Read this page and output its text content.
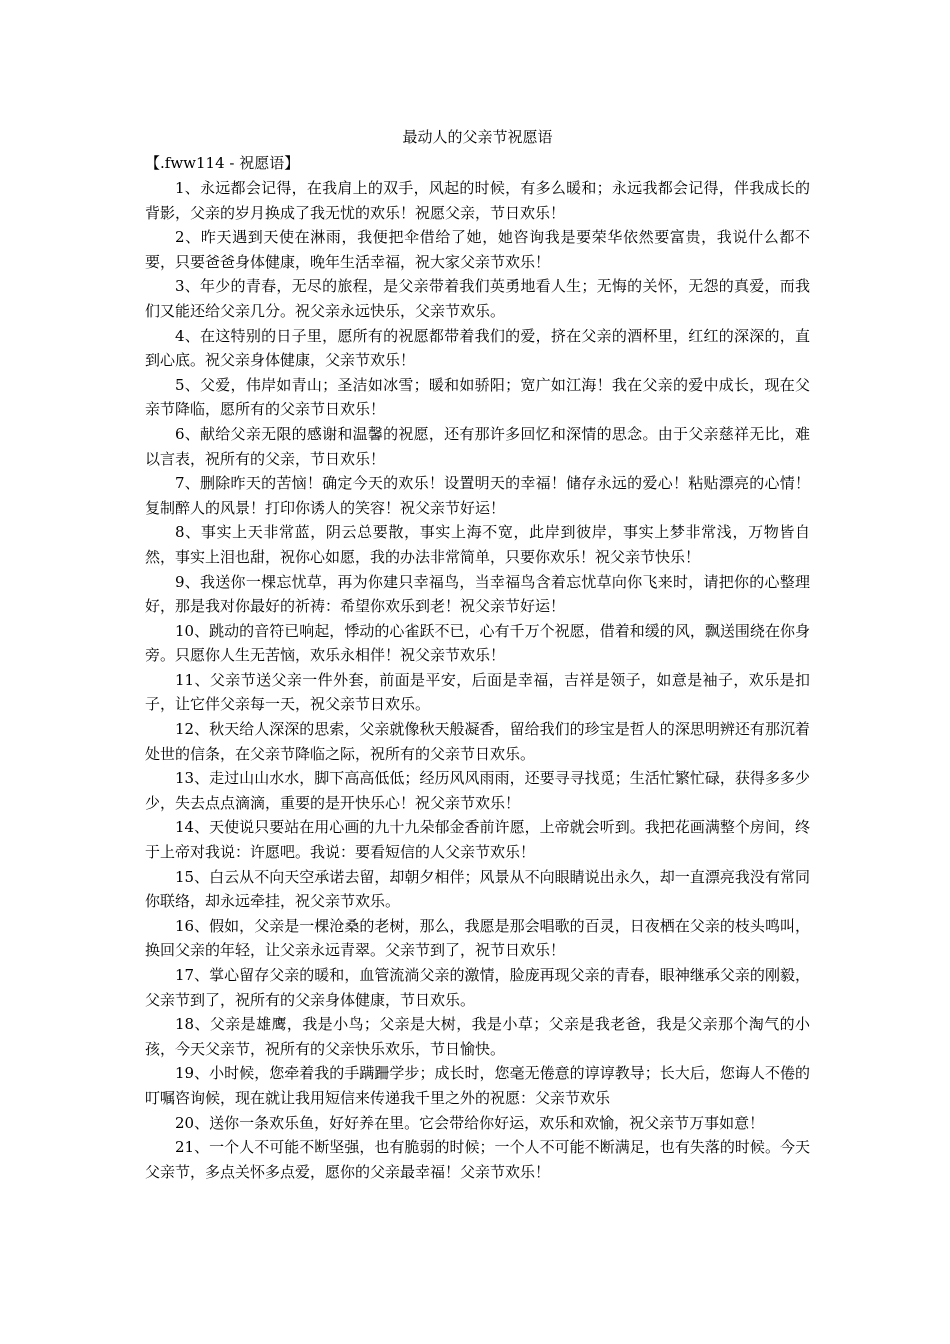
最动人的父亲节祝愿语

【.fww114 - 祝愿语】

1、永远都会记得，在我肩上的双手，风起的时候，有多么暖和；永远我都会记得，伴我成长的背影，父亲的岁月换成了我无忧的欢乐！祝愿父亲，节日欢乐！

2、昨天遇到天使在淋雨，我便把伞借给了她，她咨询我是要荣华依然要富贵，我说什么都不要，只要爸爸身体健康，晚年生活幸福，祝大家父亲节欢乐！

3、年少的青春，无尽的旅程，是父亲带着我们英勇地看人生；无悔的关怀，无怨的真爱，而我们又能还给父亲几分。祝父亲永远快乐，父亲节欢乐。

4、在这特别的日子里，愿所有的祝愿都带着我们的爱，挤在父亲的酒杯里，红红的深深的，直到心底。祝父亲身体健康，父亲节欢乐！

5、父爱，伟岸如青山；圣洁如冰雪；暖和如骄阳；宽广如江海！我在父亲的爱中成长，现在父亲节降临，愿所有的父亲节日欢乐！

6、献给父亲无限的感谢和温馨的祝愿，还有那许多回忆和深情的思念。由于父亲慈祥无比，难以言表，祝所有的父亲，节日欢乐！

7、删除昨天的苦恼！确定今天的欢乐！设置明天的幸福！储存永远的爱心！粘贴漂亮的心情！复制醉人的风景！打印你诱人的笑容！祝父亲节好运！

8、事实上天非常蓝，阴云总要散，事实上海不宽，此岸到彼岸，事实上梦非常浅，万物皆自然，事实上泪也甜，祝你心如愿，我的办法非常简单，只要你欢乐！祝父亲节快乐！

9、我送你一棵忘忧草，再为你建只幸福鸟，当幸福鸟含着忘忧草向你飞来时，请把你的心整理好，那是我对你最好的祈祷：希望你欢乐到老！祝父亲节好运！

10、跳动的音符已响起，悸动的心雀跃不已，心有千万个祝愿，借着和缓的风，飘送围绕在你身旁。只愿你人生无苦恼，欢乐永相伴！祝父亲节欢乐！

11、父亲节送父亲一件外套，前面是平安，后面是幸福，吉祥是领子，如意是袖子，欢乐是扣子，让它伴父亲每一天，祝父亲节日欢乐。

12、秋天给人深深的思索，父亲就像秋天般凝香，留给我们的珍宝是哲人的深思明辨还有那沉着处世的信条，在父亲节降临之际，祝所有的父亲节日欢乐。

13、走过山山水水，脚下高高低低；经历风风雨雨，还要寻寻找觅；生活忙繁忙碌，获得多多少少，失去点点滴滴，重要的是开快乐心！祝父亲节欢乐！

14、天使说只要站在用心画的九十九朵郁金香前许愿，上帝就会听到。我把花画满整个房间，终于上帝对我说：许愿吧。我说：要看短信的人父亲节欢乐！

15、白云从不向天空承诺去留，却朝夕相伴；风景从不向眼睛说出永久，却一直漂亮我没有常同你联络，却永远牵挂，祝父亲节欢乐。

16、假如，父亲是一棵沧桑的老树，那么，我愿是那会唱歌的百灵，日夜栖在父亲的枝头鸣叫，换回父亲的年轻，让父亲永远青翠。父亲节到了，祝节日欢乐！

17、掌心留存父亲的暖和，血管流淌父亲的激情，脸庞再现父亲的青春，眼神继承父亲的刚毅，父亲节到了，祝所有的父亲身体健康，节日欢乐。

18、父亲是雄鹰，我是小鸟；父亲是大树，我是小草；父亲是我老爸，我是父亲那个淘气的小孩，今天父亲节，祝所有的父亲快乐欢乐，节日愉快。

19、小时候，您牵着我的手蹒跚学步；成长时，您毫无倦意的谆谆教导；长大后，您诲人不倦的叮嘱咨询候，现在就让我用短信来传递我千里之外的祝愿：父亲节欢乐

20、送你一条欢乐鱼，好好养在里。它会带给你好运，欢乐和欢愉，祝父亲节万事如意！

21、一个人不可能不断坚强，也有脆弱的时候；一个人不可能不断满足，也有失落的时候。今天父亲节，多点关怀多点爱，愿你的父亲最幸福！父亲节欢乐！
